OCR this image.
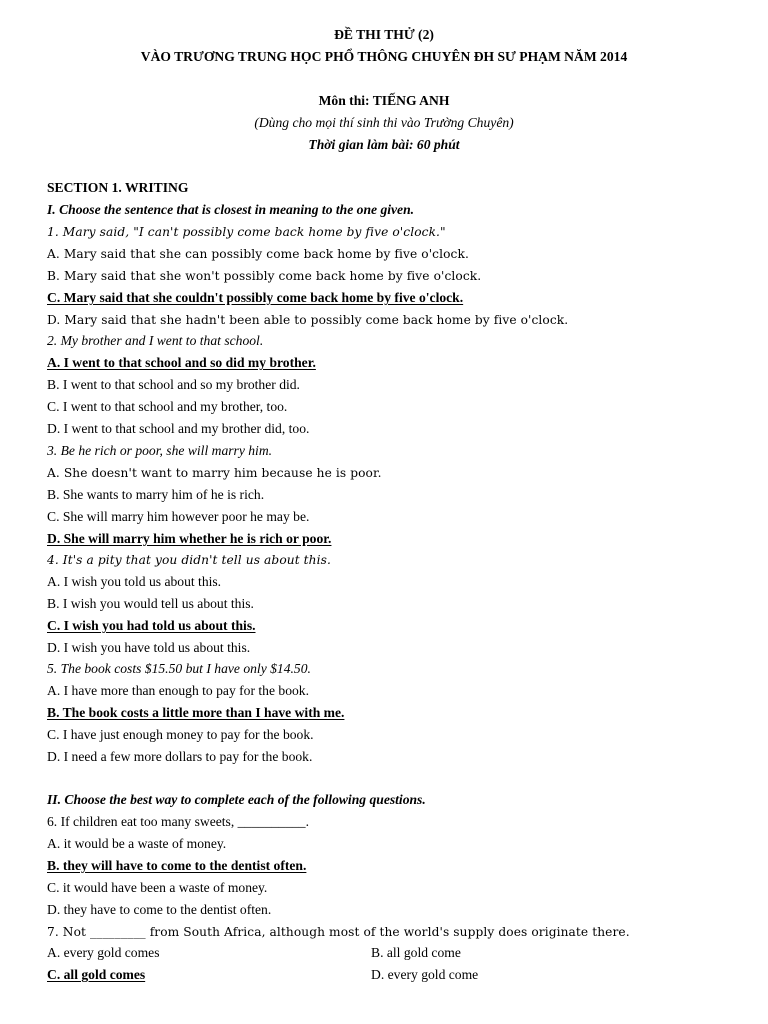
ĐỀ THI THỬ (2)
VÀO TRƯƠNG TRUNG HỌC PHỔ THÔNG CHUYÊN ĐH SƯ PHẠM NĂM 2014
Môn thi: TIẾNG ANH
(Dùng cho mọi thí sinh thi vào Trường Chuyên)
Thời gian làm bài: 60 phút
SECTION 1. WRITING
I. Choose the sentence that is closest in meaning to the one given.
1. Mary said, "I can't possibly come back home by five o'clock."
A. Mary said that she can possibly come back home by five o'clock.
B. Mary said that she won't possibly come back home by five o'clock.
C. Mary said that she couldn't possibly come back home by five o'clock.
D. Mary said that she hadn't been able to possibly come back home by five o'clock.
2. My brother and I went to that school.
A. I went to that school and so did my brother.
B. I went to that school and so my brother did.
C. I went to that school and my brother, too.
D. I went to that school and my brother did, too.
3. Be he rich or poor, she will marry him.
A. She doesn't want to marry him because he is poor.
B. She wants to marry him of he is rich.
C. She will marry him however poor he may be.
D. She will marry him whether he is rich or poor.
4. It's a pity that you didn't tell us about this.
A. I wish you told us about this.
B. I wish you would tell us about this.
C. I wish you had told us about this.
D. I wish you have told us about this.
5. The book costs $15.50 but I have only $14.50.
A. I have more than enough to pay for the book.
B. The book costs a little more than I have with me.
C. I have just enough money to pay for the book.
D. I need a few more dollars to pay for the book.
II. Choose the best way to complete each of the following questions.
6. If children eat too many sweets, __________.
A. it would be a waste of money.
B. they will have to come to the dentist often.
C. it would have been a waste of money.
D. they have to come to the dentist often.
7. Not _________ from South Africa, although most of the world's supply does originate there.
A. every gold comes	B. all gold come
C. all gold comes	D. every gold come
